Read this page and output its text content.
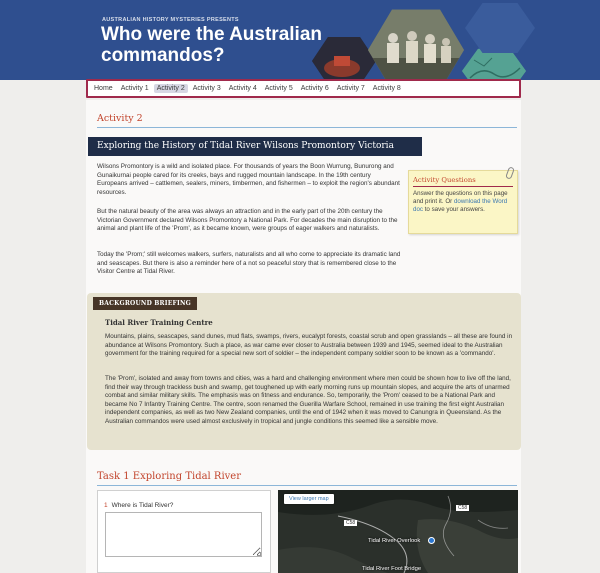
AUSTRALIAN HISTORY MYSTERIES PRESENTS
Who were the Australian commandos?
Home	Activity 1	Activity 2	Activity 3	Activity 4	Activity 5	Activity 6	Activity 7	Activity 8
Activity 2
Exploring the History of Tidal River Wilsons Promontory Victoria

Wilsons Promontory is a wild and isolated place. For thousands of years the Boon Wurrung, Bunurong and Gunaikurnai people cared for its creeks, bays and rugged mountain landscape. In the 19th century Europeans arrived – cattlemen, sealers, miners, timbermen, and fishermen – to exploit the region's abundant resources.

But the natural beauty of the area was always an attraction and in the early part of the 20th century the Victorian Government declared Wilsons Promontory a National Park. For decades the main disruption to the animal and plant life of the 'Prom', as it became known, were groups of eager walkers and naturalists.

Today the 'Prom;' still welcomes walkers, surfers, naturalists and all who come to appreciate its dramatic land and seascapes. But there is also a reminder here of a not so peaceful story that is remembered close to the Visitor Centre at Tidal River.

Activity Questions
Answer the questions on this page and print it. Or download the Word doc to save your answers.
BACKGROUND BRIEFING
Tidal River Training Centre

Mountains, plains, seascapes, sand dunes, mud flats, swamps, rivers, eucalypt forests, coastal scrub and open grasslands – all these are found in abundance at Wilsons Promontory. Such a place, as war came ever closer to Australia between 1939 and 1945, seemed ideal to the Australian government for the training required for a special new sort of soldier – the independent company soldier soon to be known as a 'commando'.

The 'Prom', isolated and away from towns and cities, was a hard and challenging environment where men could be shown how to live off the land, find their way through trackless bush and swamp, get toughened up with early morning runs up mountain slopes, and acquire the arts of unarmed combat and similar military skills. The emphasis was on fitness and endurance. So, temporarily, the 'Prom' ceased to be a National Park and became No 7 Infantry Training Centre. The centre, soon renamed the Guerilla Warfare School, remained in use training the first eight Australian independent companies, as well as two New Zealand companies, until the end of 1942 when it was moved to Canungra in Queensland. As the Australian commandos were used almost exclusively in tropical and jungle conditions this seemed like a sensible move.

Task 1 Exploring Tidal River
1 Where is Tidal River?
View larger map
Tidal River Overlook
Tidal River Foot Bridge
C58
C58
